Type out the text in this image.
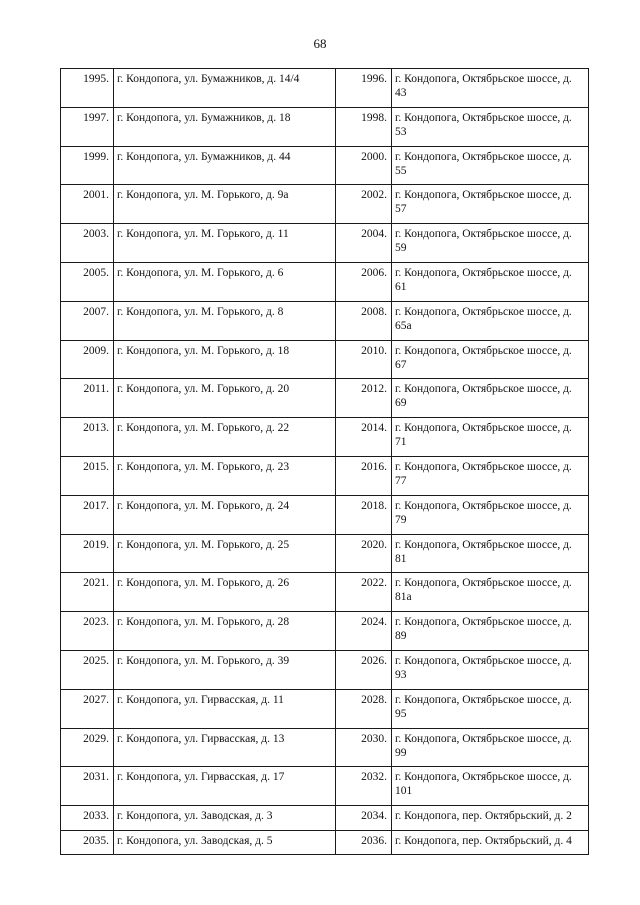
68
1995.	г. Кондопога, ул. Бумажников, д. 14/4	1996.	г. Кондопога, Октябрьское шоссе, д. 43
1997.	г. Кондопога, ул. Бумажников, д. 18	1998.	г. Кондопога, Октябрьское шоссе, д. 53
1999.	г. Кондопога, ул. Бумажников, д. 44	2000.	г. Кондопога, Октябрьское шоссе, д. 55
2001.	г. Кондопога, ул. М. Горького, д. 9а	2002.	г. Кондопога, Октябрьское шоссе, д. 57
2003.	г. Кондопога, ул. М. Горького, д. 11	2004.	г. Кондопога, Октябрьское шоссе, д. 59
2005.	г. Кондопога, ул. М. Горького, д. 6	2006.	г. Кондопога, Октябрьское шоссе, д. 61
2007.	г. Кондопога, ул. М. Горького, д. 8	2008.	г. Кондопога, Октябрьское шоссе, д. 65а
2009.	г. Кондопога, ул. М. Горького, д. 18	2010.	г. Кондопога, Октябрьское шоссе, д. 67
2011.	г. Кондопога, ул. М. Горького, д. 20	2012.	г. Кондопога, Октябрьское шоссе, д. 69
2013.	г. Кондопога, ул. М. Горького, д. 22	2014.	г. Кондопога, Октябрьское шоссе, д. 71
2015.	г. Кондопога, ул. М. Горького, д. 23	2016.	г. Кондопога, Октябрьское шоссе, д. 77
2017.	г. Кондопога, ул. М. Горького, д. 24	2018.	г. Кондопога, Октябрьское шоссе, д. 79
2019.	г. Кондопога, ул. М. Горького, д. 25	2020.	г. Кондопога, Октябрьское шоссе, д. 81
2021.	г. Кондопога, ул. М. Горького, д. 26	2022.	г. Кондопога, Октябрьское шоссе, д. 81а
2023.	г. Кондопога, ул. М. Горького, д. 28	2024.	г. Кондопога, Октябрьское шоссе, д. 89
2025.	г. Кондопога, ул. М. Горького, д. 39	2026.	г. Кондопога, Октябрьское шоссе, д. 93
2027.	г. Кондопога, ул. Гирвасская, д. 11	2028.	г. Кондопога, Октябрьское шоссе, д. 95
2029.	г. Кондопога, ул. Гирвасская, д. 13	2030.	г. Кондопога, Октябрьское шоссе, д. 99
2031.	г. Кондопога, ул. Гирвасская, д. 17	2032.	г. Кондопога, Октябрьское шоссе, д. 101
2033.	г. Кондопога, ул. Заводская, д. 3	2034.	г. Кондопога, пер. Октябрьский, д. 2
2035.	г. Кондопога, ул. Заводская, д. 5	2036.	г. Кондопога, пер. Октябрьский, д. 4
